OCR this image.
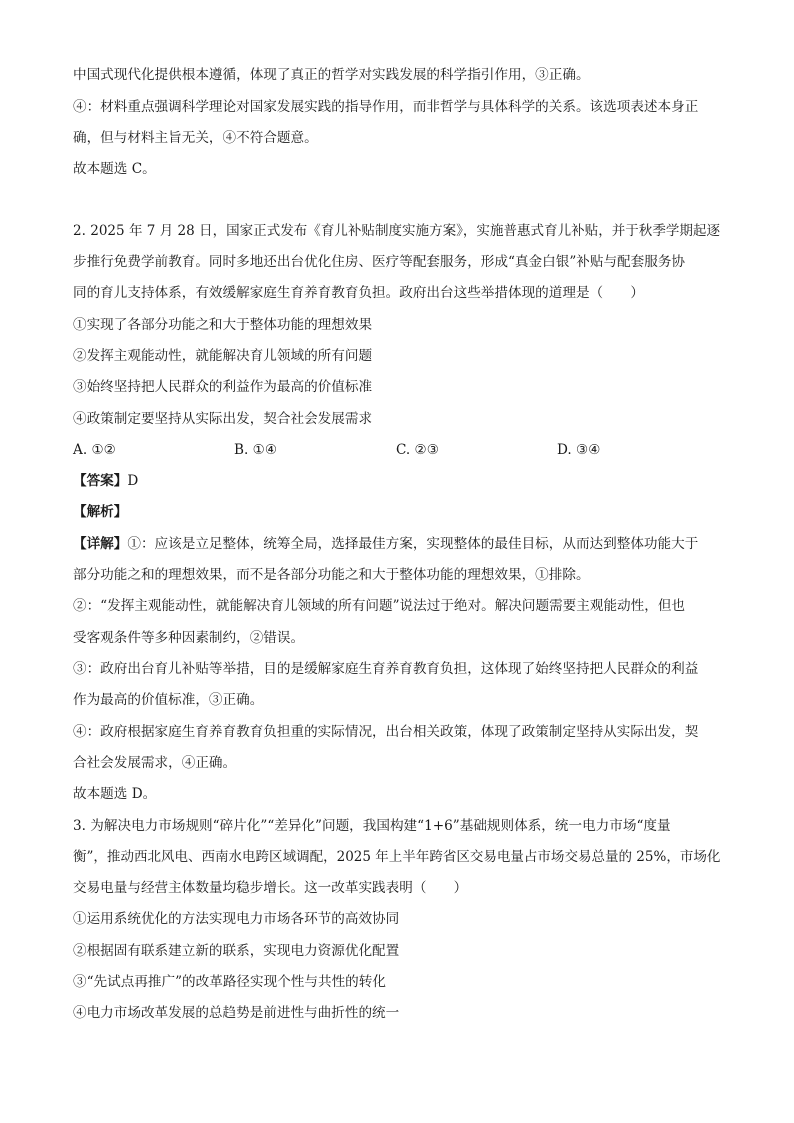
中国式现代化提供根本遵循，体现了真正的哲学对实践发展的科学指引作用，③正确。
④：材料重点强调科学理论对国家发展实践的指导作用，而非哲学与具体科学的关系。该选项表述本身正
确，但与材料主旨无关，④不符合题意。
故本题选 C。
2. 2025 年 7 月 28 日，国家正式发布《育儿补贴制度实施方案》，实施普惠式育儿补贴，并于秋季学期起逐
步推行免费学前教育。同时多地还出台优化住房、医疗等配套服务，形成“真金白银”补贴与配套服务协
同的育儿支持体系，有效缓解家庭生育养育教育负担。政府出台这些举措体现的道理是（　　）
①实现了各部分功能之和大于整体功能的理想效果
②发挥主观能动性，就能解决育儿领域的所有问题
③始终坚持把人民群众的利益作为最高的价值标准
④政策制定要坚持从实际出发，契合社会发展需求
A. ①②	B. ①④	C. ②③	D. ③④
【答案】D
【解析】
【详解】①：应该是立足整体，统筹全局，选择最佳方案，实现整体的最佳目标，从而达到整体功能大于
部分功能之和的理想效果，而不是各部分功能之和大于整体功能的理想效果，①排除。
②：“发挥主观能动性，就能解决育儿领域的所有问题”说法过于绝对。解决问题需要主观能动性，但也
受客观条件等多种因素制约，②错误。
③：政府出台育儿补贴等举措，目的是缓解家庭生育养育教育负担，这体现了始终坚持把人民群众的利益
作为最高的价值标准，③正确。
④：政府根据家庭生育养育教育负担重的实际情况，出台相关政策，体现了政策制定坚持从实际出发，契
合社会发展需求，④正确。
故本题选 D。
3. 为解决电力市场规则“碎片化”“差异化”问题，我国构建“1+6”基础规则体系，统一电力市场“度量
衡”，推动西北风电、西南水电跨区域调配，2025 年上半年跨省区交易电量占市场交易总量的 25%，市场化
交易电量与经营主体数量均稳步增长。这一改革实践表明（　　）
①运用系统优化的方法实现电力市场各环节的高效协同
②根据固有联系建立新的联系，实现电力资源优化配置
③“先试点再推广”的改革路径实现个性与共性的转化
④电力市场改革发展的总趋势是前进性与曲折性的统一
